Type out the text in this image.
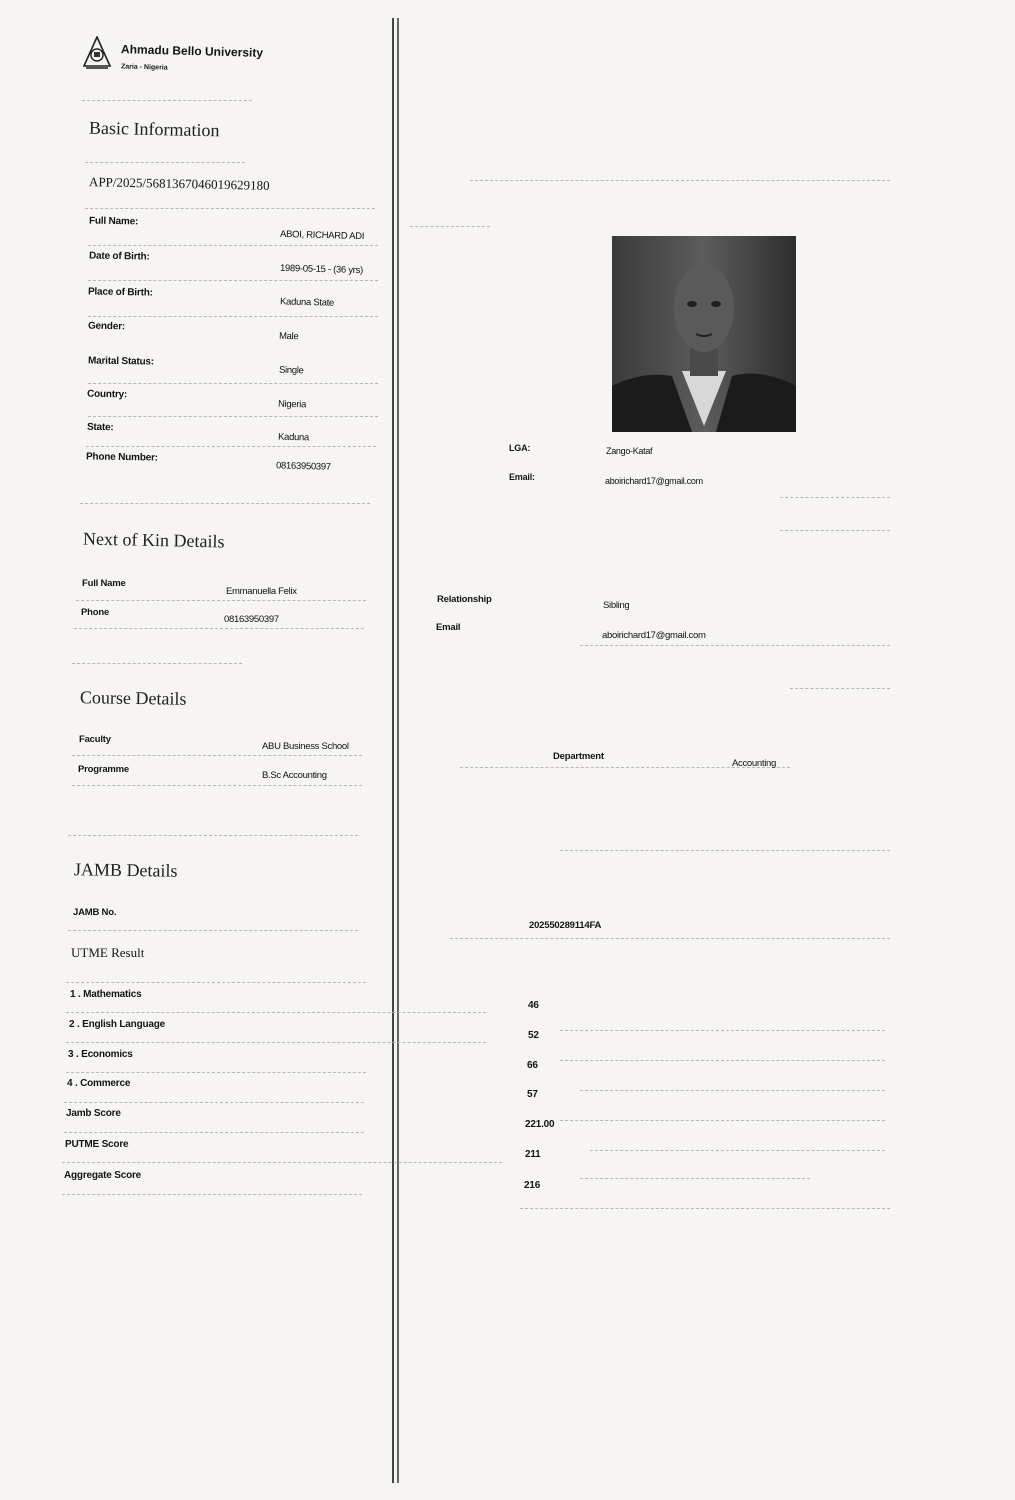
Ahmadu Bello University
Zaria - Nigeria
Basic Information
APP/2025/5681367046019629180
Full Name:
ABOI, RICHARD ADI
Date of Birth:
1989-05-15 - (36 yrs)
Place of Birth:
Kaduna State
Gender:
Male
Marital Status:
Single
Country:
Nigeria
State:
Kaduna
Phone Number:
08163950397
LGA:	Zango-Kataf
Email:	aboirichard17@gmail.com
Next of Kin Details
Full Name
Emmanuella Felix
Phone
08163950397
Relationship
Sibling
Email
aboirichard17@gmail.com
Course Details
Faculty
ABU Business School
Programme
B.Sc Accounting
Department
Accounting
JAMB Details
JAMB No.
202550289114FA
UTME Result
1 . Mathematics
46
2 . English Language
52
3 . Economics
66
4 . Commerce
57
Jamb Score
221.00
PUTME Score
211
Aggregate Score
216
